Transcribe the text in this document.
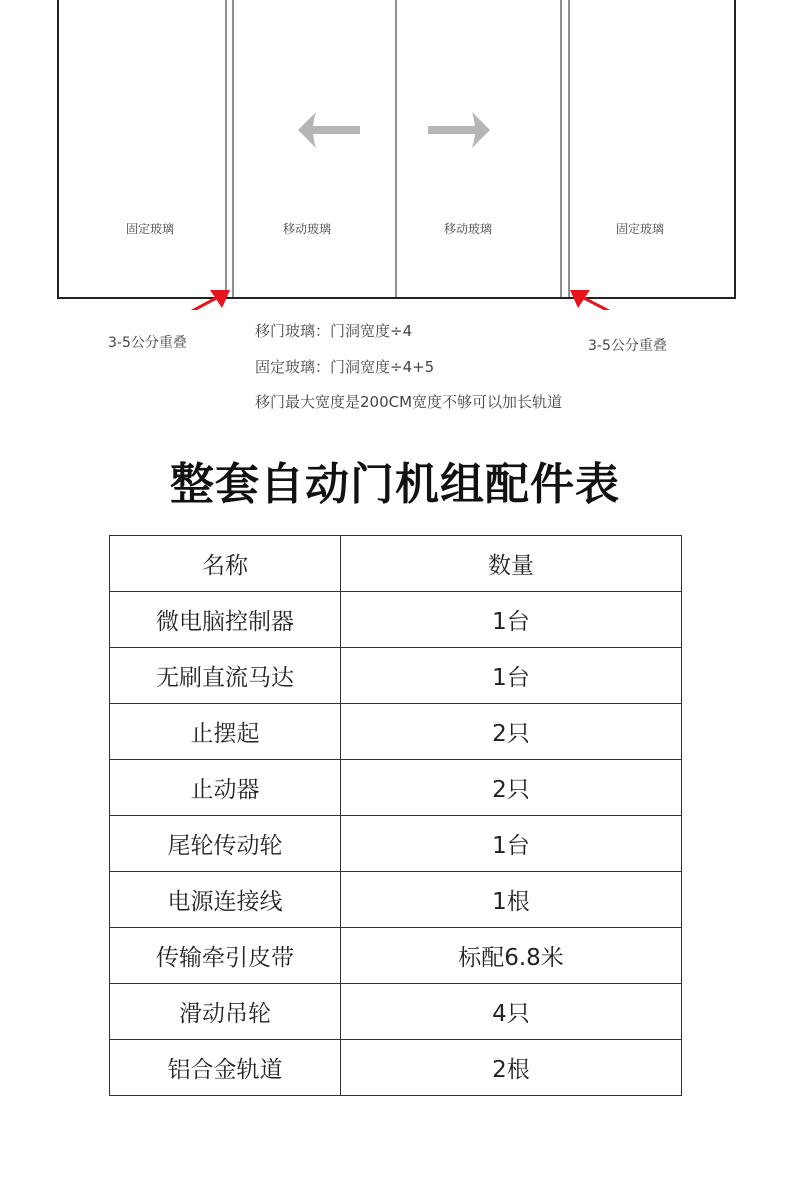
固定玻璃	移动玻璃	移动玻璃	固定玻璃
3-5公分重叠	3-5公分重叠
移门玻璃：门洞宽度÷4
固定玻璃：门洞宽度÷4+5
移门最大宽度是200CM宽度不够可以加长轨道
整套自动门机组配件表
名称	数量
微电脑控制器	1台
无刷直流马达	1台
止摆起	2只
止动器	2只
尾轮传动轮	1台
电源连接线	1根
传输牵引皮带	标配6.8米
滑动吊轮	4只
铝合金轨道	2根
